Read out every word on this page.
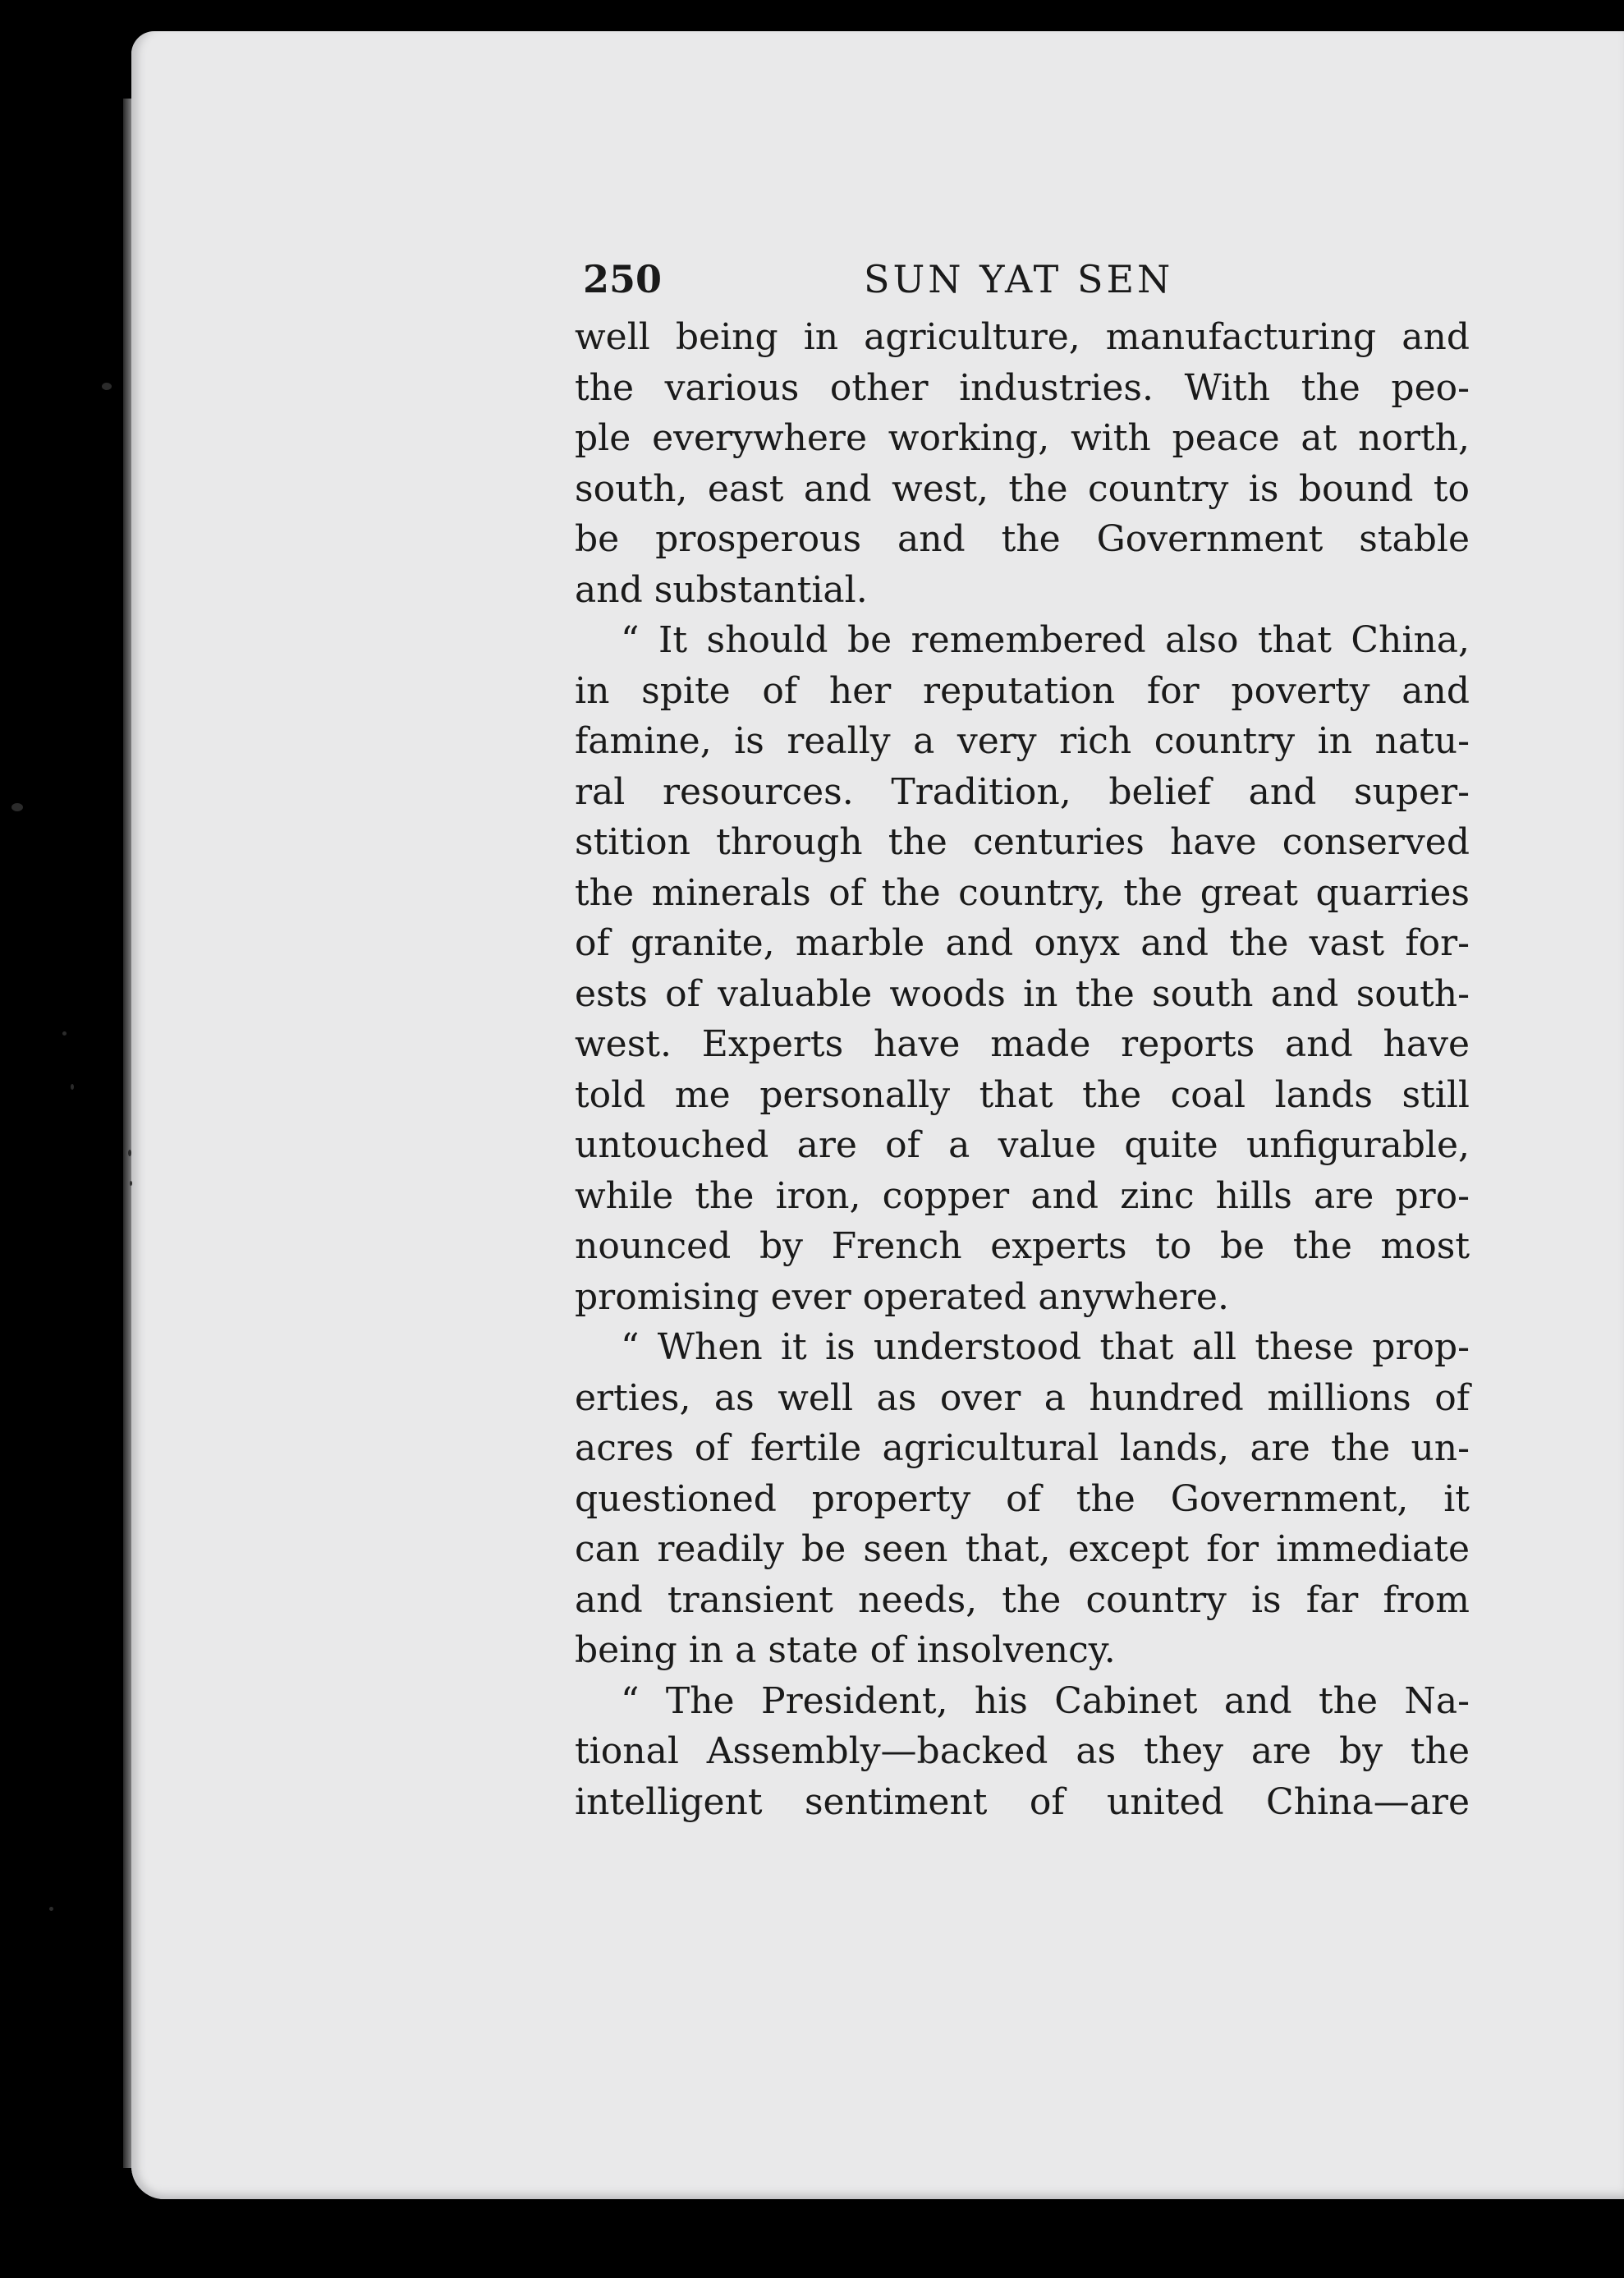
250	SUN YAT SEN
well being in agriculture, manufacturing and
the various other industries. With the peo-
ple everywhere working, with peace at north,
south, east and west, the country is bound to
be prosperous and the Government stable
and substantial.
“ It should be remembered also that China,
in spite of her reputation for poverty and
famine, is really a very rich country in natu-
ral resources. Tradition, belief and super-
stition through the centuries have conserved
the minerals of the country, the great quarries
of granite, marble and onyx and the vast for-
ests of valuable woods in the south and south-
west. Experts have made reports and have
told me personally that the coal lands still
untouched are of a value quite unfigurable,
while the iron, copper and zinc hills are pro-
nounced by French experts to be the most
promising ever operated anywhere.
“ When it is understood that all these prop-
erties, as well as over a hundred millions of
acres of fertile agricultural lands, are the un-
questioned property of the Government, it
can readily be seen that, except for immediate
and transient needs, the country is far from
being in a state of insolvency.
“ The President, his Cabinet and the Na-
tional Assembly—backed as they are by the
intelligent sentiment of united China—are
